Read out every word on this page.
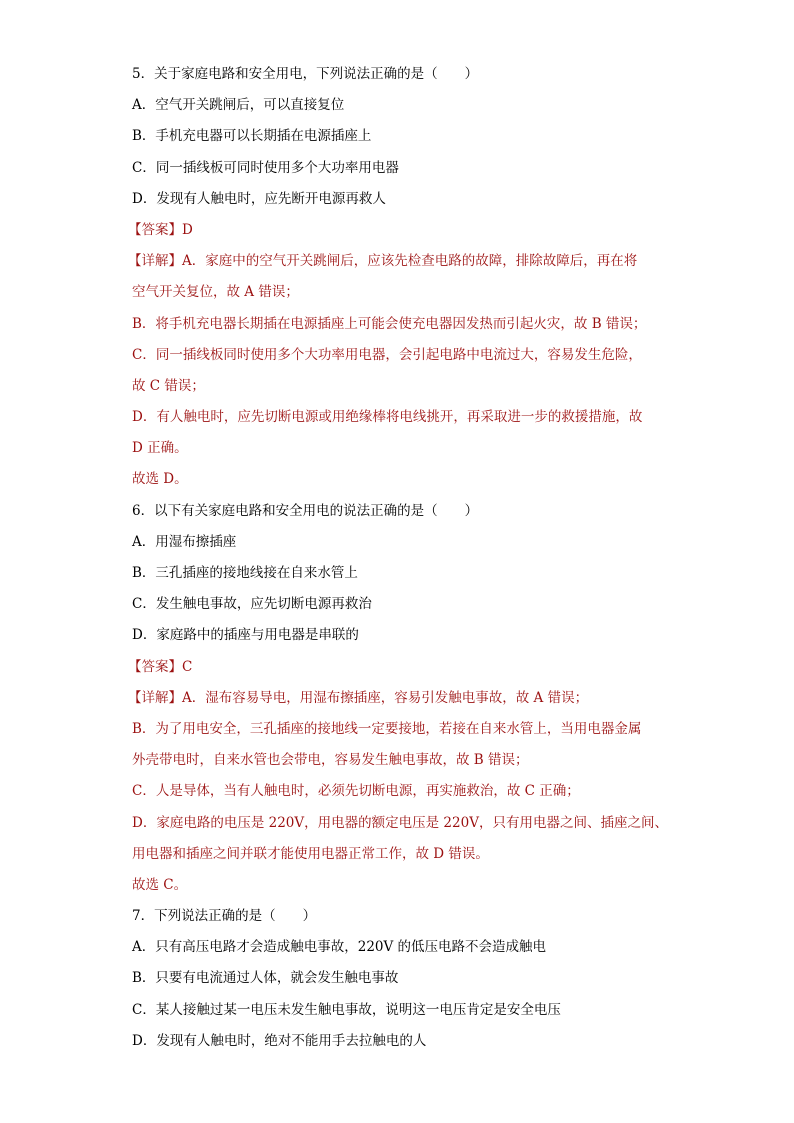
5．关于家庭电路和安全用电，下列说法正确的是（　　）
A．空气开关跳闸后，可以直接复位
B．手机充电器可以长期插在电源插座上
C．同一插线板可同时使用多个大功率用电器
D．发现有人触电时，应先断开电源再救人
【答案】D
【详解】A．家庭中的空气开关跳闸后，应该先检查电路的故障，排除故障后，再在将
空气开关复位，故 A 错误；
B．将手机充电器长期插在电源插座上可能会使充电器因发热而引起火灾，故 B 错误；
C．同一插线板同时使用多个大功率用电器，会引起电路中电流过大，容易发生危险，
故 C 错误；
D．有人触电时，应先切断电源或用绝缘棒将电线挑开，再采取进一步的救援措施，故
D 正确。
故选 D。
6．以下有关家庭电路和安全用电的说法正确的是（　　）
A．用湿布擦插座
B．三孔插座的接地线接在自来水管上
C．发生触电事故，应先切断电源再救治
D．家庭路中的插座与用电器是串联的
【答案】C
【详解】A．湿布容易导电，用湿布擦插座，容易引发触电事故，故 A 错误；
B．为了用电安全，三孔插座的接地线一定要接地，若接在自来水管上，当用电器金属
外壳带电时，自来水管也会带电，容易发生触电事故，故 B 错误；
C．人是导体，当有人触电时，必须先切断电源，再实施救治，故 C 正确；
D．家庭电路的电压是 220V，用电器的额定电压是 220V，只有用电器之间、插座之间、
用电器和插座之间并联才能使用电器正常工作，故 D 错误。
故选 C。
7．下列说法正确的是（　　）
A．只有高压电路才会造成触电事故，220V 的低压电路不会造成触电
B．只要有电流通过人体，就会发生触电事故
C．某人接触过某一电压未发生触电事故，说明这一电压肯定是安全电压
D．发现有人触电时，绝对不能用手去拉触电的人
